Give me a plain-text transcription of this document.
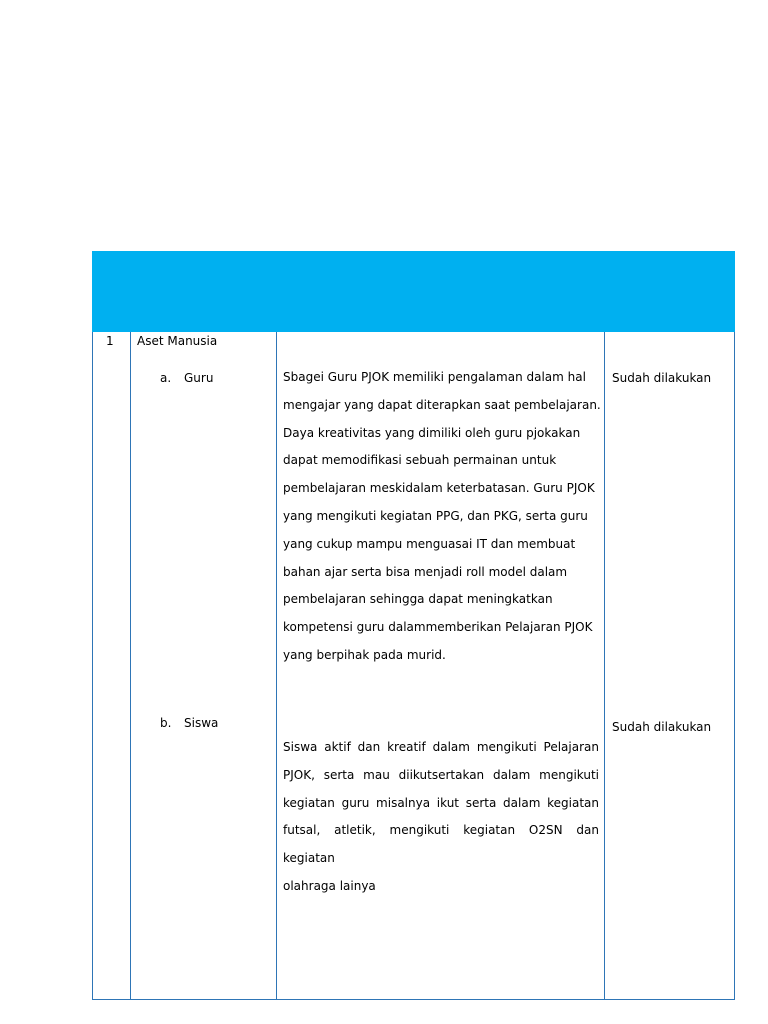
1 Aset Manusia
a. Guru	Sbagei Guru PJOK memiliki pengalaman dalam hal
mengajar yang dapat diterapkan saat pembelajaran.
Daya kreativitas yang dimiliki oleh guru pjokakan
dapat memodifikasi sebuah permainan untuk
pembelajaran meskidalam keterbatasan. Guru PJOK
yang mengikuti kegiatan PPG, dan PKG, serta guru
yang cukup mampu menguasai IT dan membuat
bahan ajar serta bisa menjadi roll model dalam
pembelajaran sehingga dapat meningkatkan
kompetensi guru dalammemberikan Pelajaran PJOK
yang berpihak pada murid.
Sudah dilakukan
b. Siswa
Siswa aktif dan kreatif dalam mengikuti Pelajaran
PJOK, serta mau diikutsertakan dalam mengikuti
kegiatan guru misalnya ikut serta dalam kegiatan
futsal, atletik, mengikuti kegiatan O2SN dan kegiatan
olahraga lainya
Sudah dilakukan
